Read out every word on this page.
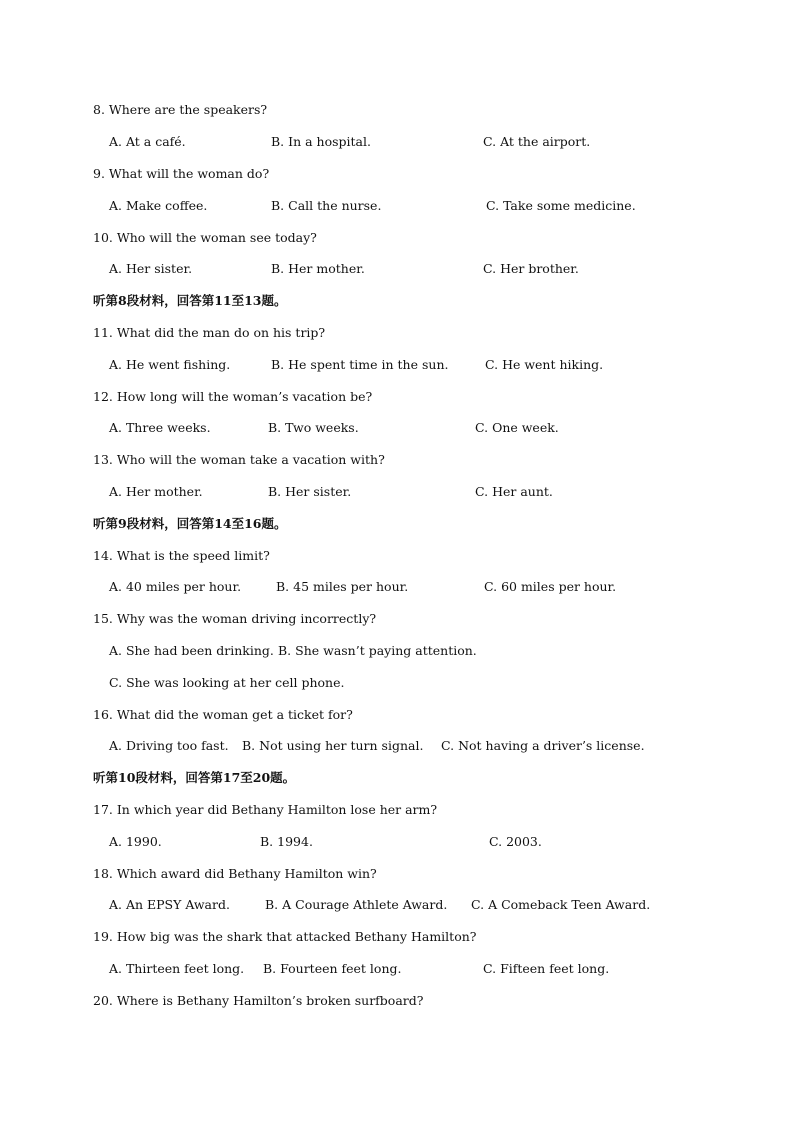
8. Where are the speakers?
A. At a café.	B. In a hospital.	C. At the airport.
9. What will the woman do?
A. Make coffee.	B. Call the nurse.	C. Take some medicine.
10. Who will the woman see today?
A. Her sister.	B. Her mother.	C. Her brother.
听第8段材料，回答第11至13题。
11. What did the man do on his trip?
A. He went fishing.	B. He spent time in the sun.	C. He went hiking.
12. How long will the woman’s vacation be?
A. Three weeks.	B. Two weeks.	C. One week.
13. Who will the woman take a vacation with?
A. Her mother.	B. Her sister.	C. Her aunt.
听第9段材料，回答第14至16题。
14. What is the speed limit?
A. 40 miles per hour.	B. 45 miles per hour.	C. 60 miles per hour.
15. Why was the woman driving incorrectly?
A. She had been drinking. B. She wasn’t paying attention.
C. She was looking at her cell phone.
16. What did the woman get a ticket for?
A. Driving too fast. B. Not using her turn signal. C. Not having a driver’s license.
听第10段材料，回答第17至20题。
17. In which year did Bethany Hamilton lose her arm?
A. 1990.	B. 1994.	C. 2003.
18. Which award did Bethany Hamilton win?
A. An EPSY Award.	B. A Courage Athlete Award. C. A Comeback Teen Award.
19. How big was the shark that attacked Bethany Hamilton?
A. Thirteen feet long. B. Fourteen feet long.	C. Fifteen feet long.
20. Where is Bethany Hamilton’s broken surfboard?
